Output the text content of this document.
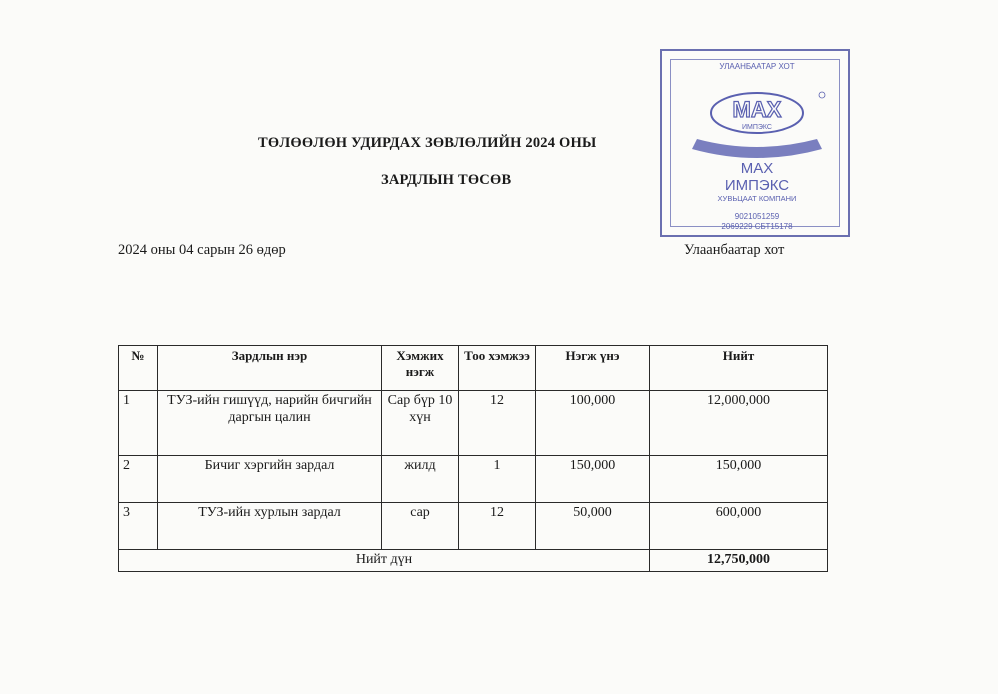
ТӨЛӨӨЛӨН УДИРДАХ ЗӨВЛӨЛИЙН 2024 ОНЫ
ЗАРДЛЫН ТӨСӨВ
2024 оны 04 сарын 26 өдөр	Улаанбаатар хот
УЛААНБААТАР ХОТ
МАХ
ИМПЭКС
МАХ
ИМПЭКС
ХУВЬЦААТ КОМПАНИ
9021051259
2069229 СБТ15178
№	Зардлын нэр	Хэмжих нэгж	Тоо хэмжээ	Нэгж үнэ	Нийт
1	ТУЗ-ийн гишүүд, нарийн бичгийн даргын цалин	Сар бүр 10 хүн	12	100,000	12,000,000
2	Бичиг хэргийн зардал	жилд	1	150,000	150,000
3	ТУЗ-ийн хурлын зардал	сар	12	50,000	600,000
Нийт дүн					12,750,000
